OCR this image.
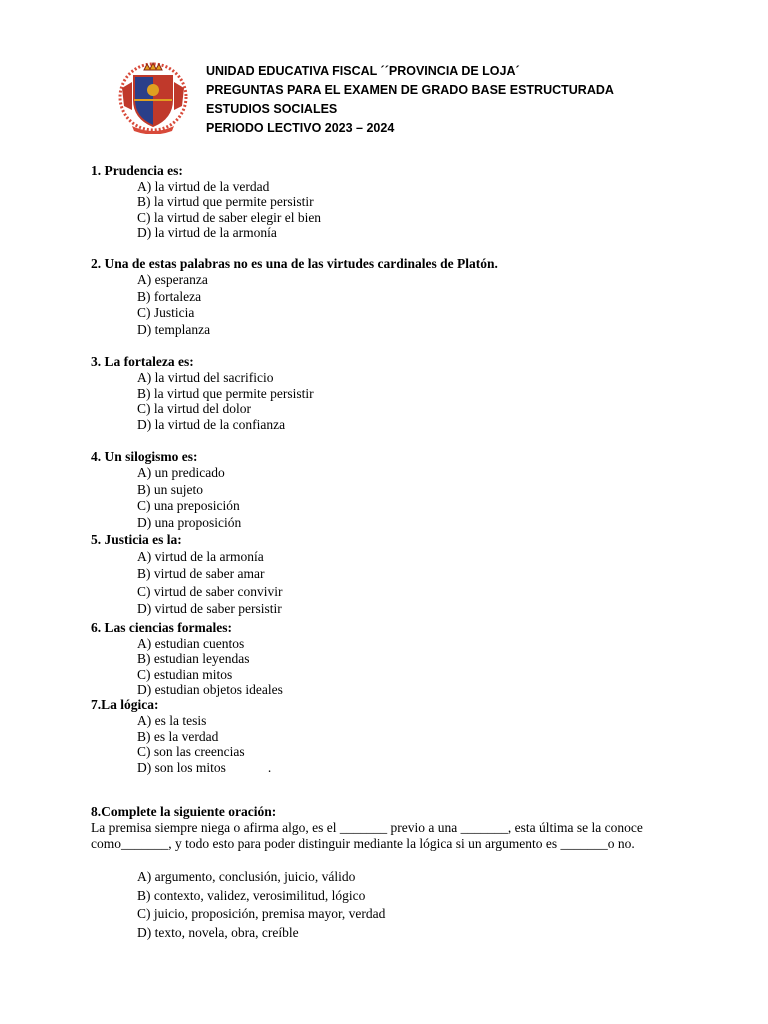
UNIDAD EDUCATIVA FISCAL ´´PROVINCIA DE LOJA´
PREGUNTAS PARA EL EXAMEN DE GRADO BASE ESTRUCTURADA
ESTUDIOS SOCIALES
PERIODO LECTIVO 2023 – 2024
1. Prudencia es:
A) la virtud de la verdad
B) la virtud que permite persistir
C) la virtud de saber elegir el bien
D) la virtud de la armonía
2. Una de estas palabras no es una de las virtudes cardinales de Platón.
A) esperanza
B) fortaleza
C) Justicia
D) templanza
3. La fortaleza es:
A) la virtud del sacrificio
B) la virtud que permite persistir
C) la virtud del dolor
D) la virtud de la confianza
4. Un silogismo es:
A) un predicado
B) un sujeto
C) una preposición
D) una proposición
5. Justicia es la:
A) virtud de la armonía
B) virtud de saber amar
C) virtud de saber convivir
D) virtud de saber persistir
6. Las ciencias formales:
A) estudian cuentos
B) estudian leyendas
C) estudian mitos
D) estudian objetos ideales
7.La lógica:
A) es la tesis
B) es la verdad
C) son las creencias
D) son los mitos	.
8.Complete la siguiente oración:
La premisa siempre niega o afirma algo, es el _______ previo a una _______, esta última se la conoce
como_______, y todo esto para poder distinguir mediante la lógica si un argumento es _______o no.
A) argumento, conclusión, juicio, válido
B) contexto, validez, verosimilitud, lógico
C) juicio, proposición, premisa mayor, verdad
D) texto, novela, obra, creíble
